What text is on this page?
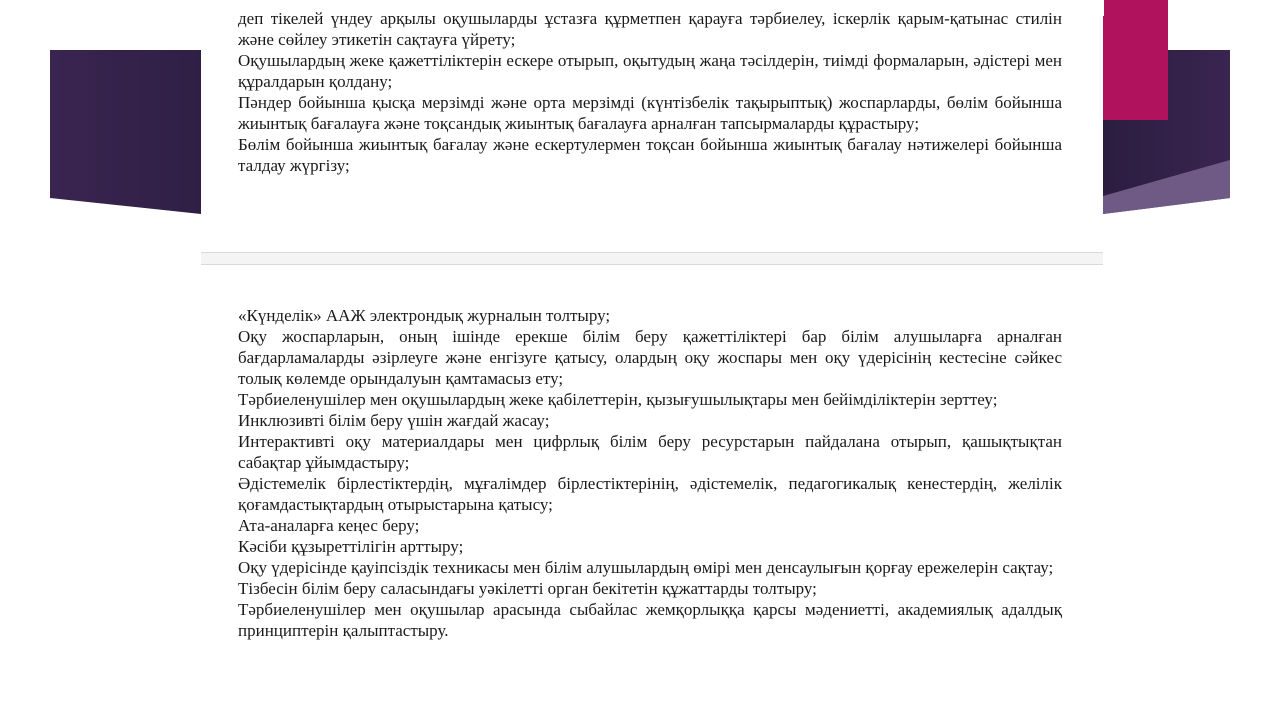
деп тікелей үндеу арқылы оқушыларды ұстазға құрметпен қарауға тәрбиелеу, іскерлік қарым-қатынас стилін және сөйлеу этикетін сақтауға үйрету;

Оқушылардың жеке қажеттіліктерін ескере отырып, оқытудың жаңа тәсілдерін, тиімді формаларын, әдістері мен құралдарын қолдану;

Пәндер бойынша қысқа мерзімді және орта мерзімді (күнтізбелік тақырыптық) жоспарларды, бөлім бойынша жиынтық бағалауға және тоқсандық жиынтық бағалауға арналған тапсырмаларды құрастыру;

Бөлім бойынша жиынтық бағалау және ескертулермен тоқсан бойынша жиынтық бағалау нәтижелері бойынша талдау жүргізу;

«Күнделік» ААЖ электрондық журналын толтыру;

Оқу жоспарларын, оның ішінде ерекше білім беру қажеттіліктері бар білім алушыларға арналған бағдарламаларды әзірлеуге және енгізуге қатысу, олардың оқу жоспары мен оқу үдерісінің кестесіне сәйкес толық көлемде орындалуын қамтамасыз ету;

Тәрбиеленушілер мен оқушылардың жеке қабілеттерін, қызығушылықтары мен бейімділіктерін зерттеу;

Инклюзивті білім беру үшін жағдай жасау;

Интерактивті оқу материалдары мен цифрлық білім беру ресурстарын пайдалана отырып, қашықтықтан сабақтар ұйымдастыру;

Әдістемелік бірлестіктердің, мұғалімдер бірлестіктерінің, әдістемелік, педагогикалық кенестердің, желілік қоғамдастықтардың отырыстарына қатысу;

Ата-аналарға кеңес беру;

Кәсіби құзыреттілігін арттыру;

Оқу үдерісінде қауіпсіздік техникасы мен білім алушылардың өмірі мен денсаулығын қорғау ережелерін сақтау;

Тізбесін білім беру саласындағы уәкілетті орган бекітетін құжаттарды толтыру;

Тәрбиеленушілер мен оқушылар арасында сыбайлас жемқорлыққа қарсы мәдениетті, академиялық адалдық принциптерін қалыптастыру.
